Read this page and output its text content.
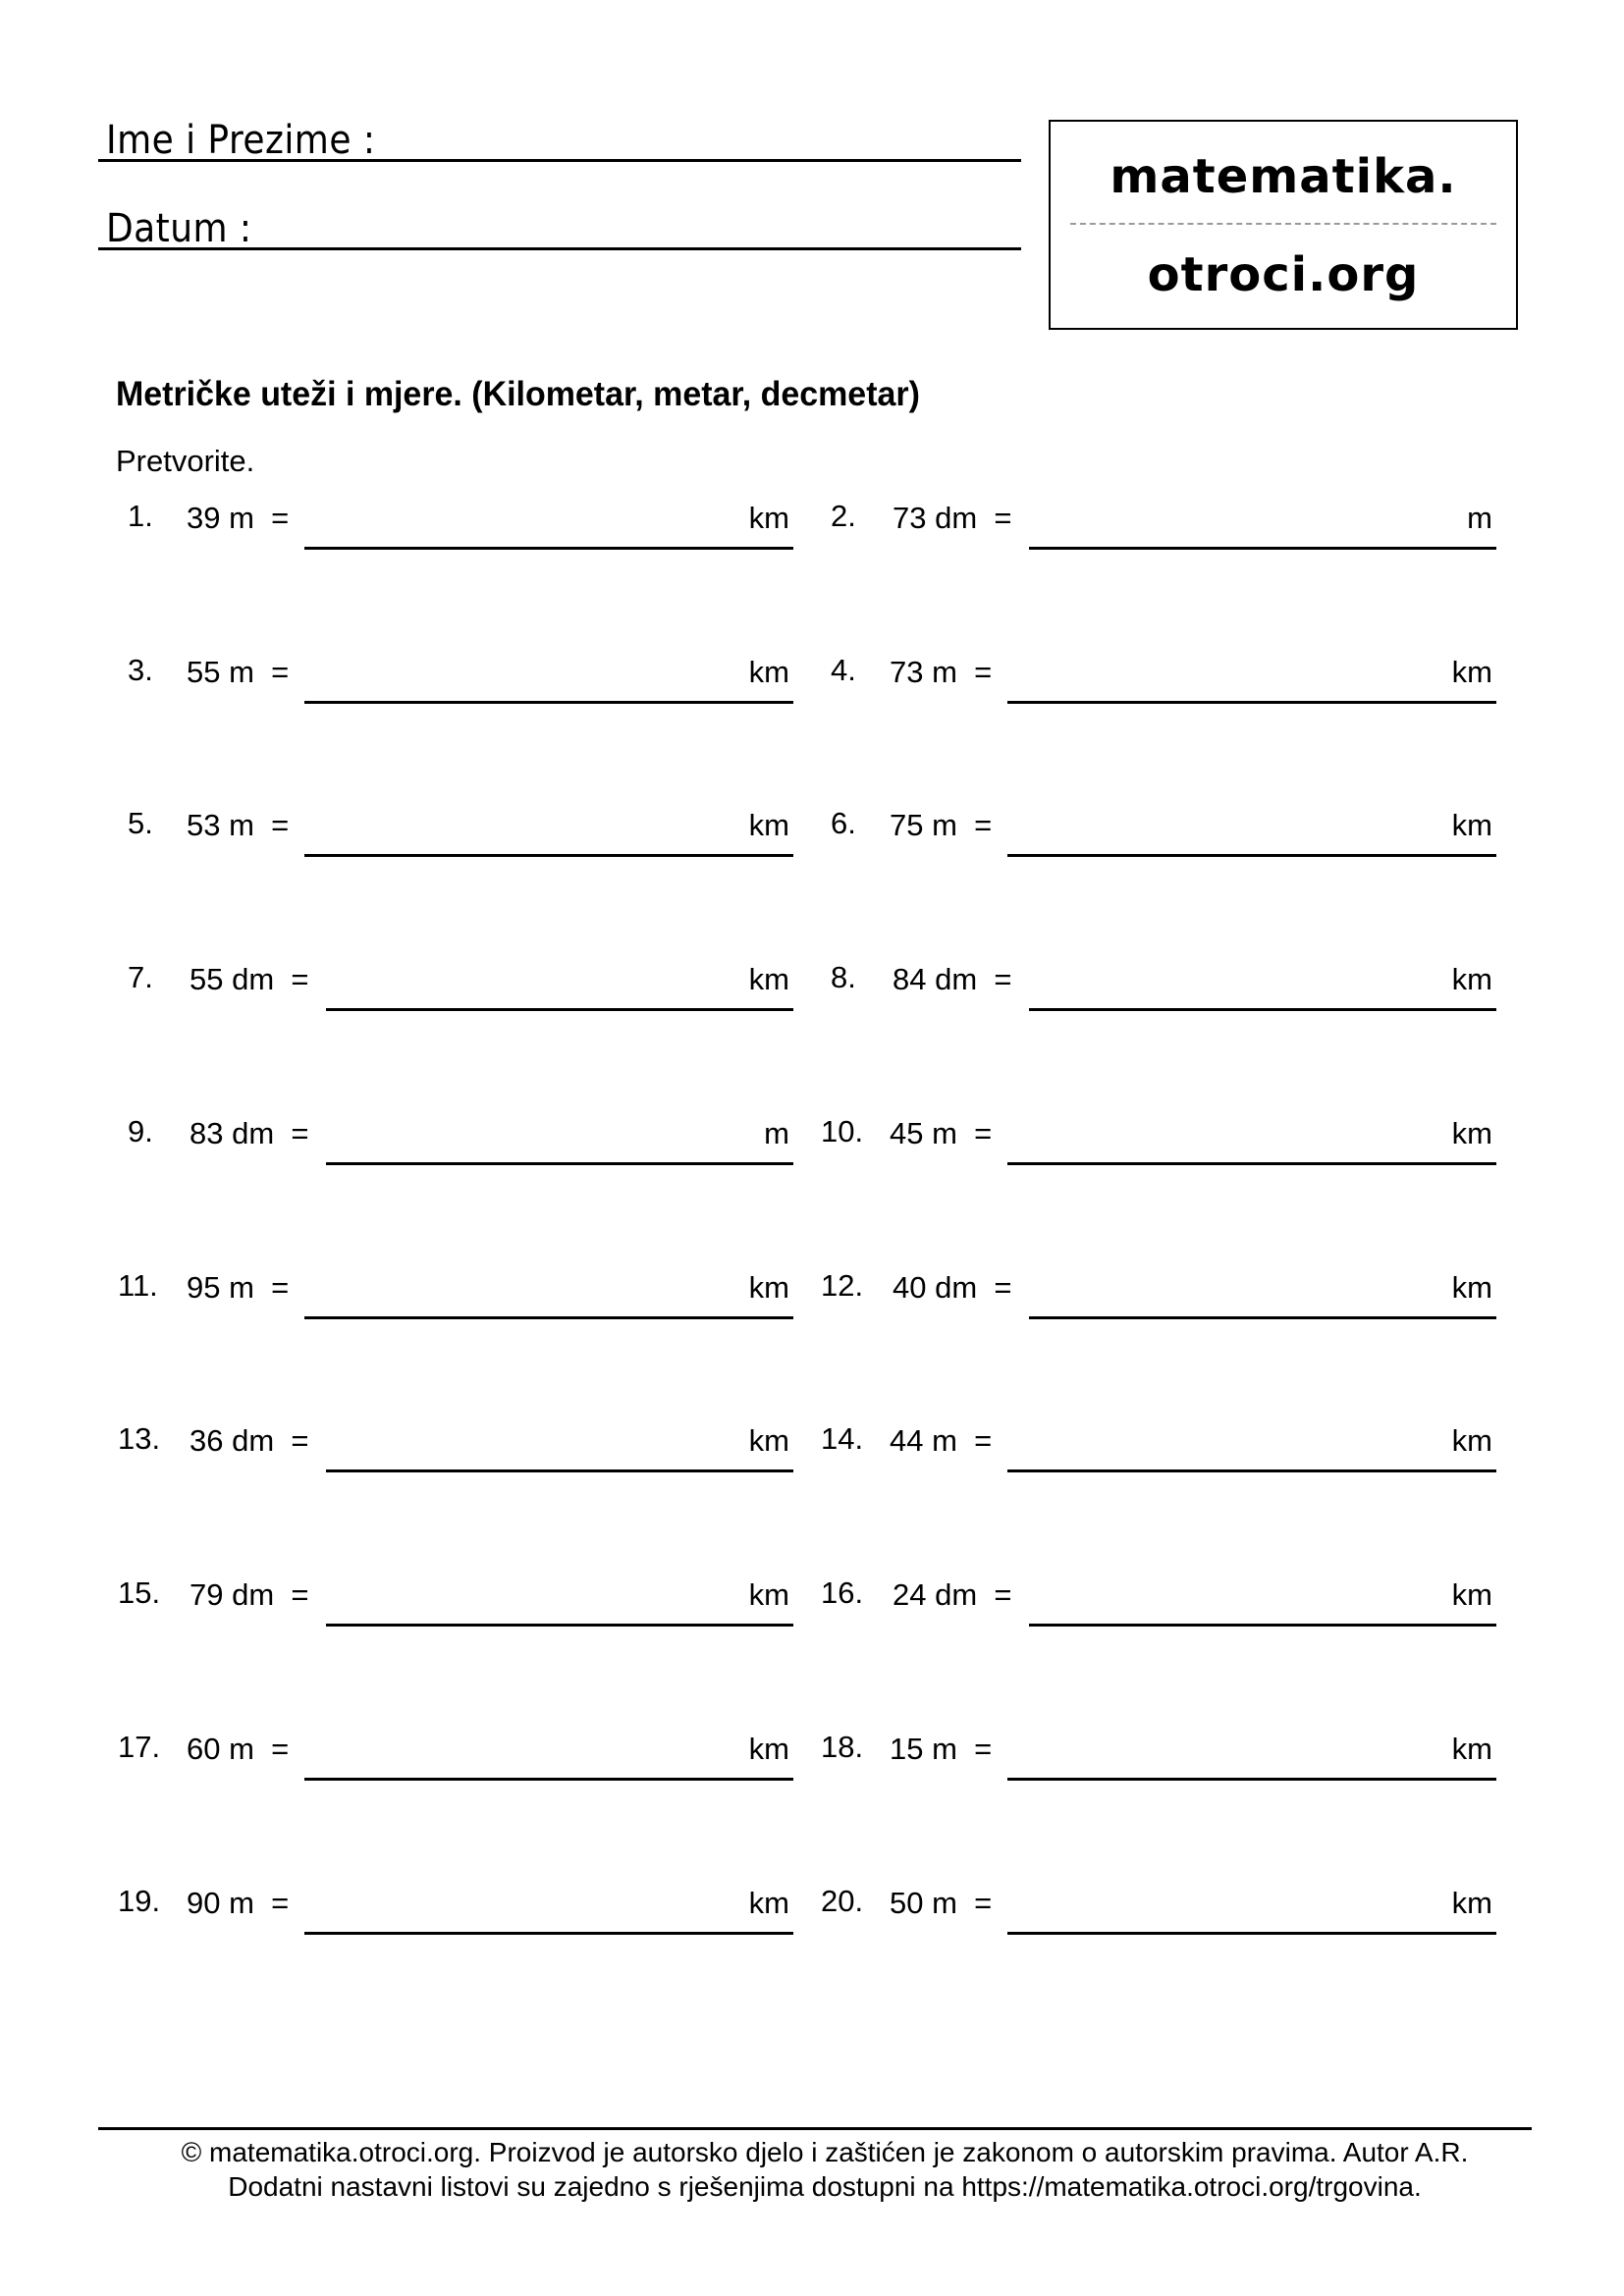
Ime i Prezime :
Datum :
matematika.
otroci.org
Metričke uteži i mjere. (Kilometar, metar, decmetar)
Pretvorite.
1. 39 m  =	km 2. 73 dm  =	m
3. 55 m  =	km 4. 73 m  =	km
5. 53 m  =	km 6. 75 m  =	km
7. 55 dm  =	km 8. 84 dm  =	km
9. 83 dm  =	m 10. 45 m  =	km
11. 95 m  =	km 12. 40 dm  =	km
13. 36 dm  =	km 14. 44 m  =	km
15. 79 dm  =	km 16. 24 dm  =	km
17. 60 m  =	km 18. 15 m  =	km
19. 90 m  =	km 20. 50 m  =	km
© matematika.otroci.org. Proizvod je autorsko djelo i zaštićen je zakonom o autorskim pravima. Autor A.R.
Dodatni nastavni listovi su zajedno s rješenjima dostupni na https://matematika.otroci.org/trgovina.
